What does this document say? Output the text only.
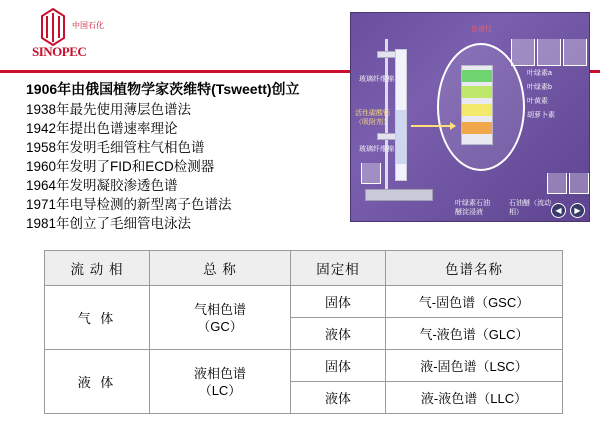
中国石化
SINOPEC
1906年由俄国植物学家茨维特(Tsweett)创立
1938年最先使用薄层色谱法
1942年提出色谱速率理论
1958年发明毛细管柱气相色谱
1960年发明了FID和ECD检测器
1964年发明凝胶渗透色谱
1971年电导检测的新型离子色谱法
1981年创立了毛细管电泳法
色谱柱
叶绿素a
叶绿素b
叶黄素
胡萝卜素
玻璃纤维棉
活性碳酸钙（吸附剂）
玻璃纤维棉
叶绿素石油醚淀浸液
石油醚（流动相）	◀	▶
流 动 相	总 称	固定相	色谱名称
气 体	气相色谱
（GC）	固体	气-固色谱（GSC）
		液体	气-液色谱（GLC）
液 体	液相色谱
（LC）	固体	液-固色谱（LSC）
		液体	液-液色谱（LLC）
